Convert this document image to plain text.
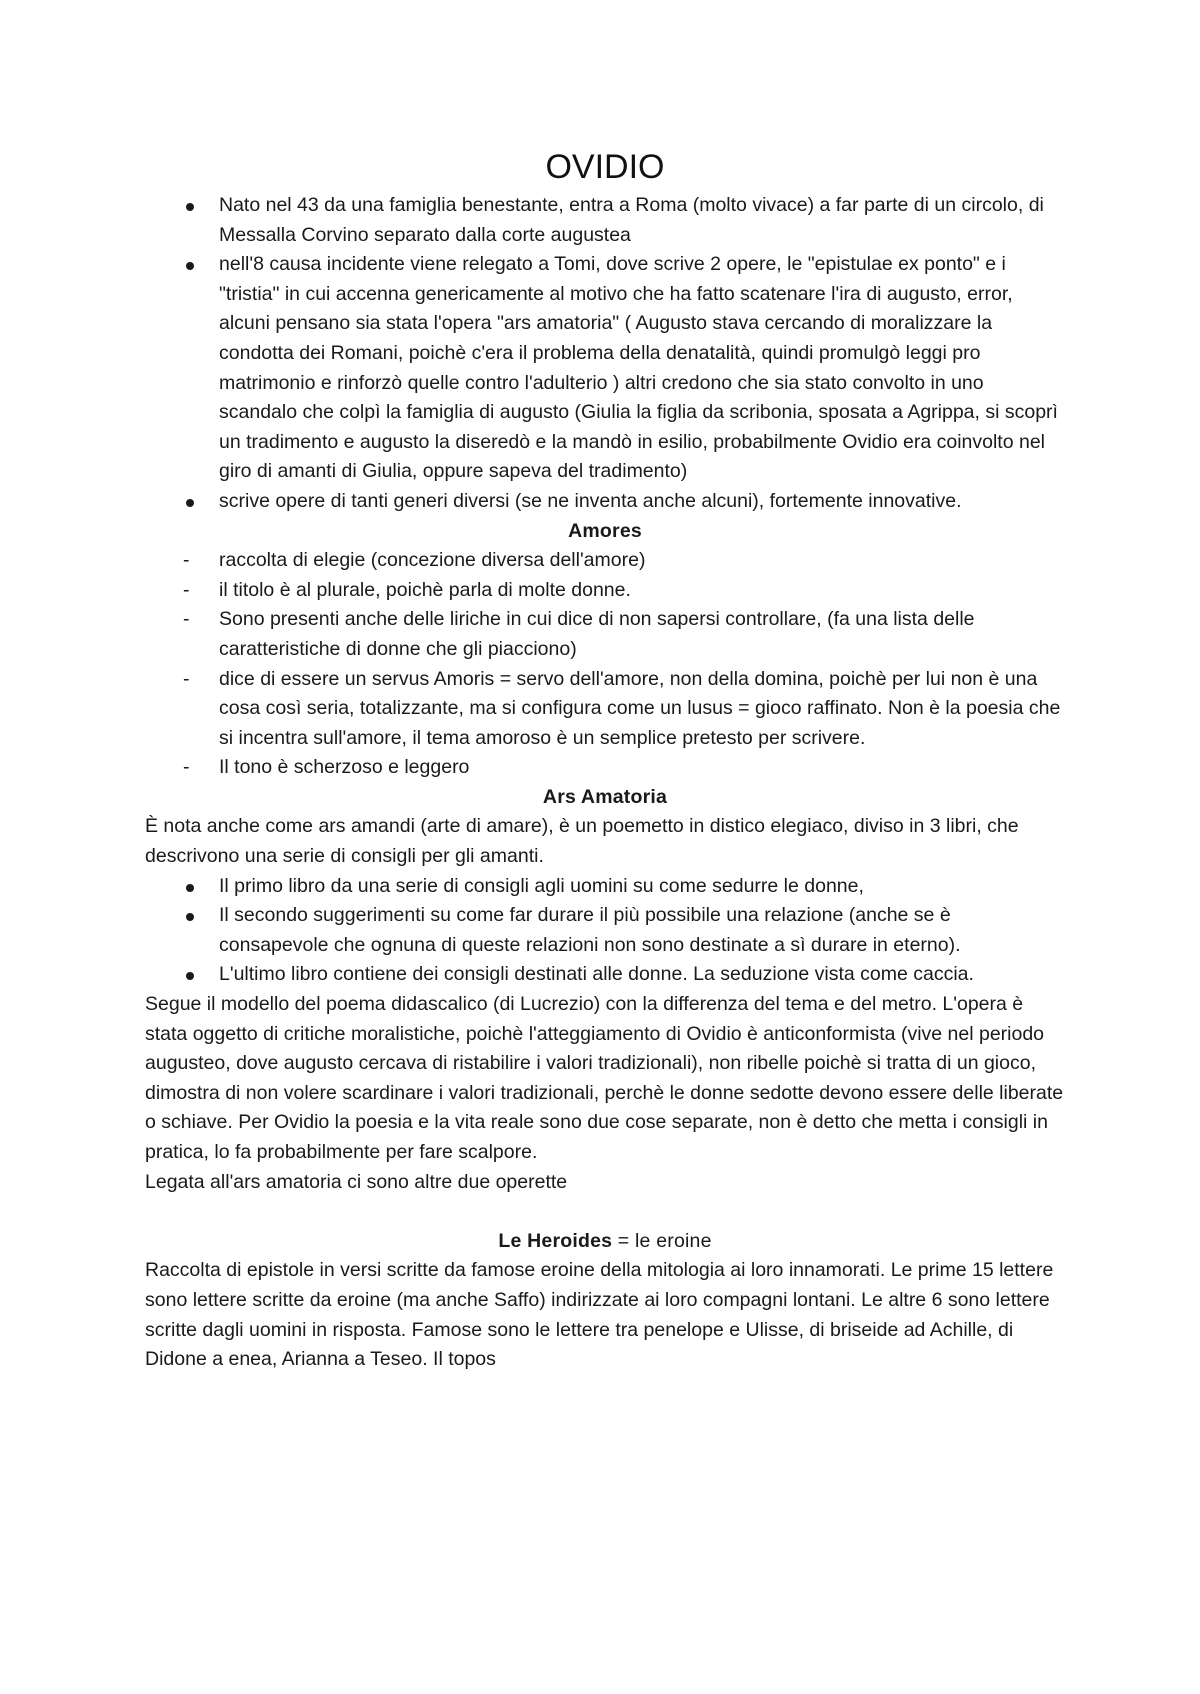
OVIDIO
Nato nel 43 da una famiglia benestante, entra a Roma (molto vivace) a far parte di un circolo, di Messalla Corvino separato dalla corte augustea
nell'8 causa incidente viene relegato a Tomi, dove scrive 2 opere, le "epistulae ex ponto" e i "tristia" in cui accenna genericamente al motivo che ha fatto scatenare l'ira di augusto, error, alcuni pensano sia stata l'opera "ars amatoria" ( Augusto stava cercando di moralizzare la condotta dei Romani, poichè c'era il problema della denatalità, quindi promulgò leggi pro matrimonio e rinforzò quelle contro l'adulterio ) altri credono che sia stato convolto in uno scandalo che colpì la famiglia di augusto (Giulia la figlia da scribonia, sposata a Agrippa, si scoprì un tradimento e augusto la diseredò e la mandò in esilio, probabilmente Ovidio era coinvolto nel giro di amanti di Giulia, oppure sapeva del tradimento)
scrive opere di tanti generi diversi (se ne inventa anche alcuni), fortemente innovative.
Amores
- raccolta di elegie (concezione diversa dell'amore)
- il titolo è al plurale, poichè parla di molte donne.
- Sono presenti anche delle liriche in cui dice di non sapersi controllare, (fa una lista delle caratteristiche di donne che gli piacciono)
- dice di essere un servus Amoris = servo dell'amore, non della domina, poichè per lui non è una cosa così seria, totalizzante, ma si configura come un lusus = gioco raffinato. Non è la poesia che si incentra sull'amore, il tema amoroso è un semplice pretesto per scrivere.
- Il tono è scherzoso e leggero
Ars Amatoria

È nota anche come ars amandi (arte di amare), è un poemetto in distico elegiaco, diviso in 3 libri, che descrivono una serie di consigli per gli amanti.

Il primo libro da una serie di consigli agli uomini su come sedurre le donne,
Il secondo suggerimenti su come far durare il più possibile una relazione (anche se è consapevole che ognuna di queste relazioni non sono destinate a sì durare in eterno).
L'ultimo libro contiene dei consigli destinati alle donne. La seduzione vista come caccia.

Segue il modello del poema didascalico (di Lucrezio) con la differenza del tema e del metro. L'opera è stata oggetto di critiche moralistiche, poichè l'atteggiamento di Ovidio è anticonformista (vive nel periodo augusteo, dove augusto cercava di ristabilire i valori tradizionali), non ribelle poichè si tratta di un gioco, dimostra di non volere scardinare i valori tradizionali, perchè le donne sedotte devono essere delle liberate o schiave. Per Ovidio la poesia e la vita reale sono due cose separate, non è detto che metta i consigli in pratica, lo fa probabilmente per fare scalpore.

Legata all'ars amatoria ci sono altre due operette

Le Heroides = le eroine

Raccolta di epistole in versi scritte da famose eroine della mitologia ai loro innamorati. Le prime 15 lettere sono lettere scritte da eroine (ma anche Saffo) indirizzate ai loro compagni lontani. Le altre 6 sono lettere scritte dagli uomini in risposta. Famose sono le lettere tra penelope e Ulisse, di briseide ad Achille, di Didone a enea, Arianna a Teseo. Il topos
